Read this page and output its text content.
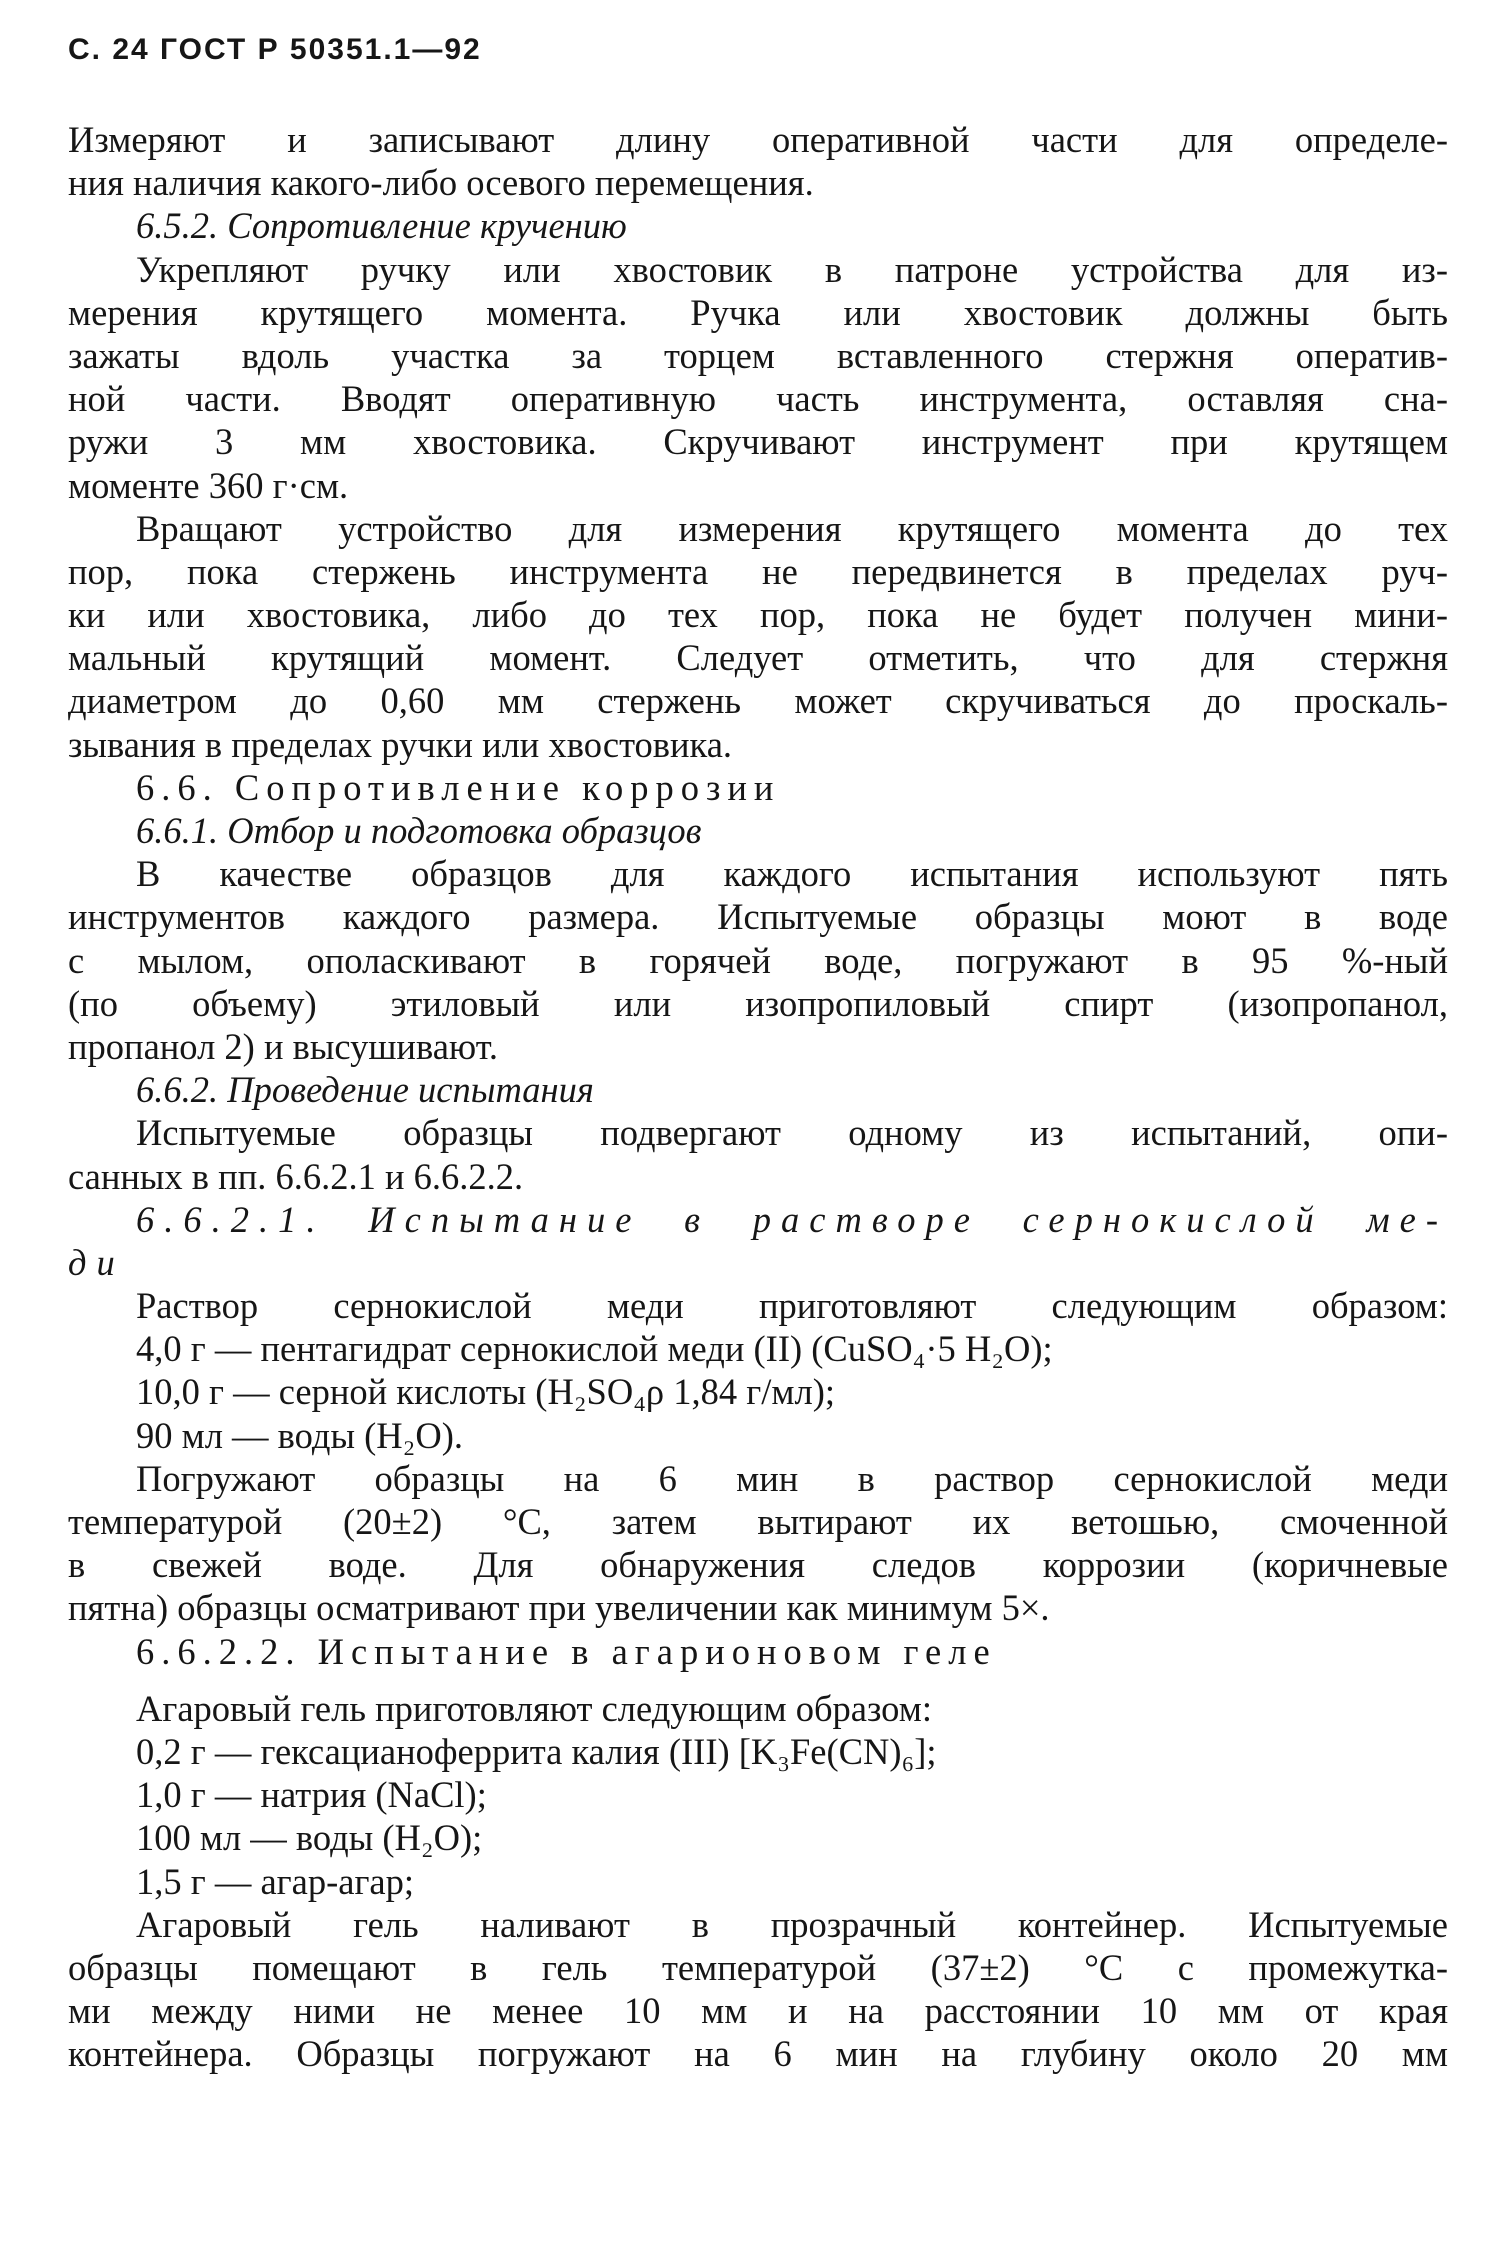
С. 24 ГОСТ Р 50351.1—92
Измеряют и записывают длину оперативной части для определе-
ния наличия какого-либо осевого перемещения.
6.5.2. Сопротивление кручению
Укрепляют ручку или хвостовик в патроне устройства для из-
мерения крутящего момента. Ручка или хвостовик должны быть
зажаты вдоль участка за торцем вставленного стержня оператив-
ной части. Вводят оперативную часть инструмента, оставляя сна-
ружи 3 мм хвостовика. Скручивают инструмент при крутящем
моменте 360 г·см.
Вращают устройство для измерения крутящего момента до тех
пор, пока стержень инструмента не передвинется в пределах руч-
ки или хвостовика, либо до тех пор, пока не будет получен мини-
мальный крутящий момент. Следует отметить, что для стержня
диаметром до 0,60 мм стержень может скручиваться до проскаль-
зывания в пределах ручки или хвостовика.
6.6. Сопротивление коррозии
6.6.1. Отбор и подготовка образцов
В качестве образцов для каждого испытания используют пять
инструментов каждого размера. Испытуемые образцы моют в воде
с мылом, ополаскивают в горячей воде, погружают в 95 %-ный
(по объему) этиловый или изопропиловый спирт (изопропанол,
пропанол 2) и высушивают.
6.6.2. Проведение испытания
Испытуемые образцы подвергают одному из испытаний, опи-
санных в пп. 6.6.2.1 и 6.6.2.2.
6.6.2.1. Испытание в растворе сернокислой ме-
ди
Раствор сернокислой меди приготовляют следующим образом:
4,0 г — пентагидрат сернокислой меди (II) (CuSO₄·5 H₂O);
10,0 г — серной кислоты (H₂SO₄ρ 1,84 г/мл);
90 мл — воды (H₂O).
Погружают образцы на 6 мин в раствор сернокислой меди
температурой (20±2) °С, затем вытирают их ветошью, смоченной
в свежей воде. Для обнаружения следов коррозии (коричневые
пятна) образцы осматривают при увеличении как минимум 5×.
6.6.2.2. Испытание в агарионовом геле
Агаровый гель приготовляют следующим образом:
0,2 г — гексацианоферрита калия (III) [K₃Fe(CN)₆];
1,0 г — натрия (NaCl);
100 мл — воды (H₂O);
1,5 г — агар-агар;
Агаровый гель наливают в прозрачный контейнер. Испытуемые
образцы помещают в гель температурой (37±2) °С с промежутка-
ми между ними не менее 10 мм и на расстоянии 10 мм от края
контейнера. Образцы погружают на 6 мин на глубину около 20 мм
